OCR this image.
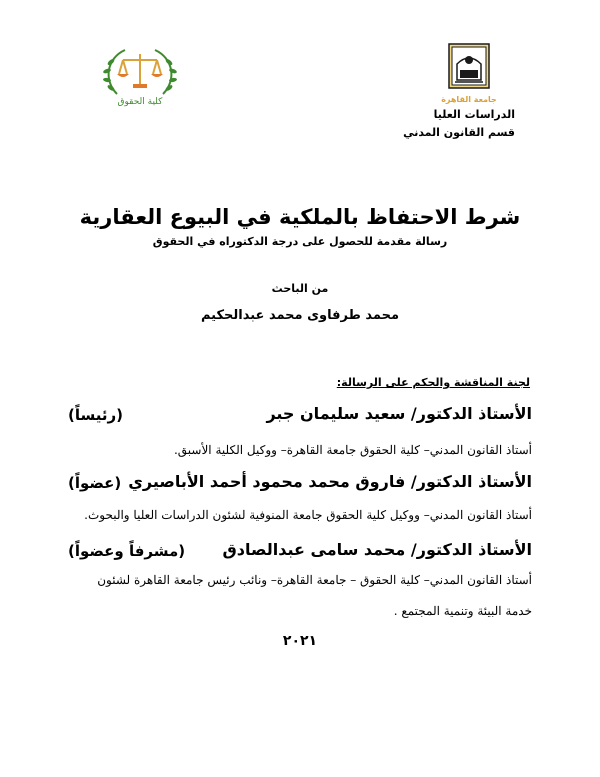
كلية الحقوق	جامعة القاهرة
الدراسات العليا
قسم القانون المدني
شرط الاحتفاظ بالملكية في البيوع العقارية
رسالة مقدمة للحصول على درجة الدكتوراه في الحقوق
من الباحث
محمد طرفاوى محمد عبدالحكيم
لجنة المناقشة والحكم على الرسالة:
الأستاذ الدكتور/ سعيد سليمان جبر
(رئيساً)
أستاذ القانون المدني– كلية الحقوق جامعة القاهرة– ووكيل الكلية الأسبق.
الأستاذ الدكتور/ فاروق محمد محمود أحمد الأباصيري
(عضواً)
أستاذ القانون المدني– ووكيل كلية الحقوق جامعة المنوفية لشئون الدراسات العليا والبحوث.
الأستاذ الدكتور/ محمد سامى عبدالصادق
(مشرفاً وعضواً)
أستاذ القانون المدني– كلية الحقوق – جامعة القاهرة– ونائب رئيس جامعة القاهرة لشئون
خدمة البيئة وتنمية المجتمع .
٢٠٢١
